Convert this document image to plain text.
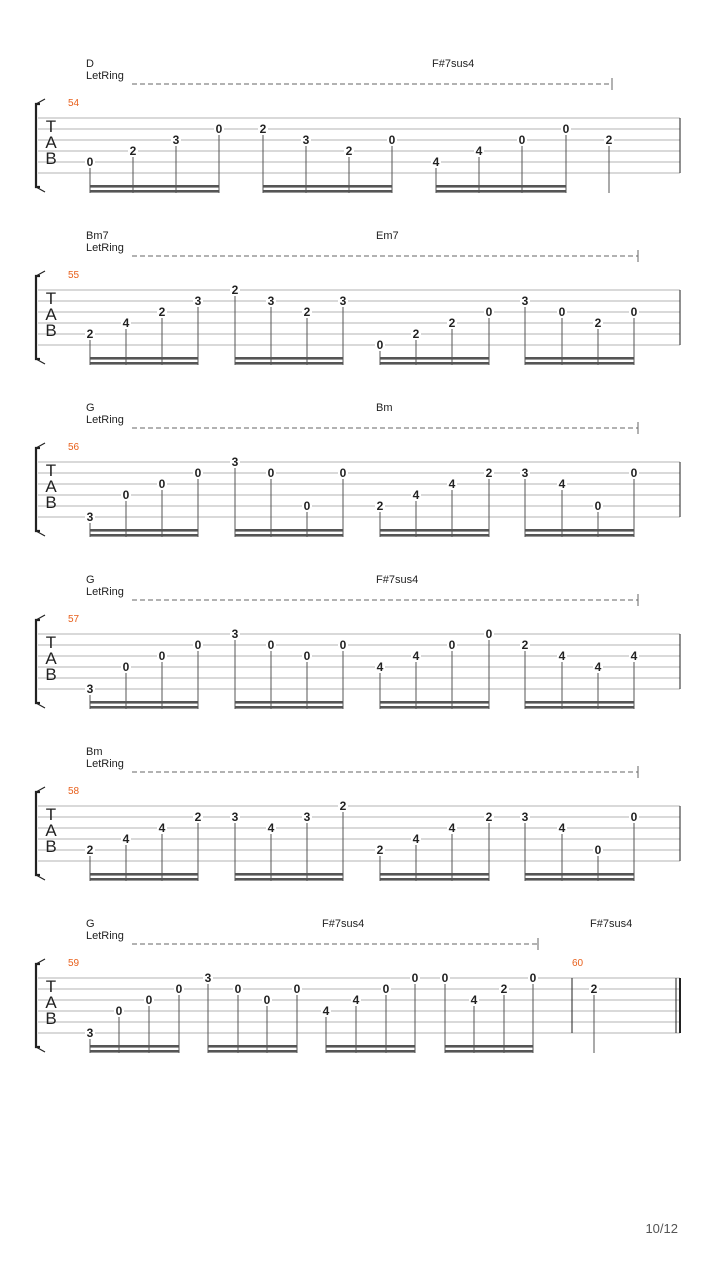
D	F#7sus4
LetRing
54
T
A
B 0
2
3
0	2
3
2
0
4
4
0
0
2
Bm7	Em7
LetRing
55
T
A
B 2
4
2
3
2
3
2
3
0
2
2
0
3
0
2
0
G	Bm
LetRing
56
T
A
B
3
0
0
0
3
0
0
0
2
4
4
2 3
4
0
0
G	F#7sus4
LetRing
57
T
A
B
3
0
0
0
3
0
0
0
4
4
0
0
2
4
4
4
Bm
LetRing
58
T
A
B 2
4
4
2	3
4
3
2
2
4
4
2 3
4
0
0
G	F#7sus4	F#7sus4
LetRing
59	60
T
A
B
3
0
0
0
3
0
0
0
4
4
0
0 0
4
2
0
2
10/12
